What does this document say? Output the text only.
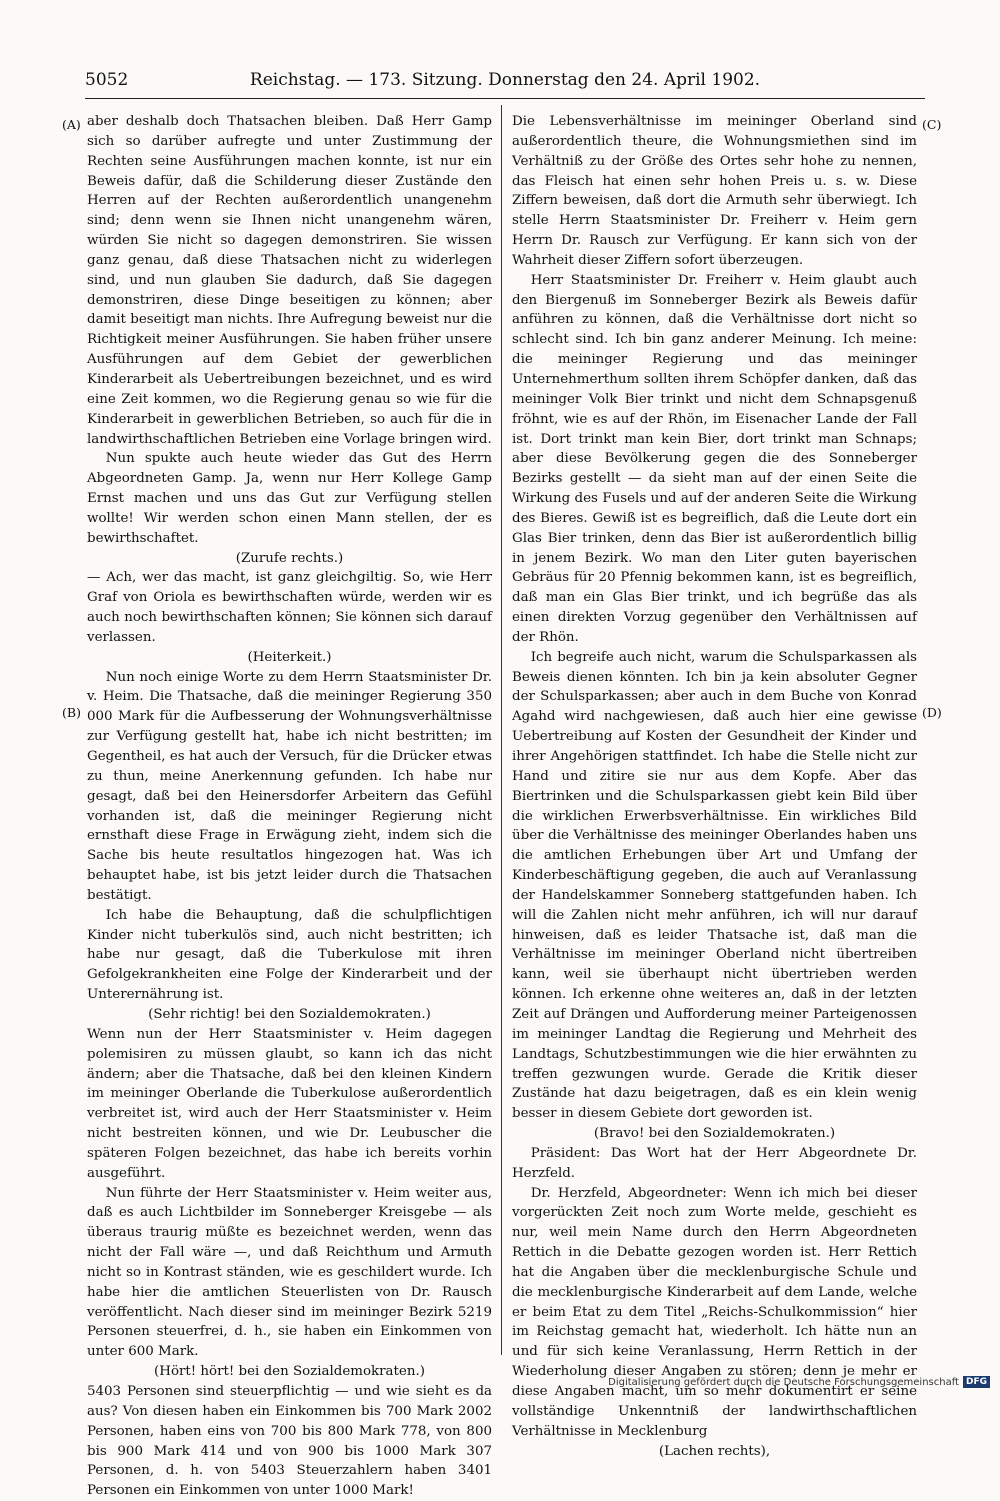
5052	Reichstag. — 173. Sitzung. Donnerstag den 24. April 1902.
(A)
(B)
(C)
(D)

aber deshalb doch Thatsachen bleiben. Daß Herr Gamp sich so darüber aufregte und unter Zustimmung der Rechten seine Ausführungen machen konnte, ist nur ein Beweis dafür, daß die Schilderung dieser Zustände den Herren auf der Rechten außerordentlich unangenehm sind; denn wenn sie Ihnen nicht unangenehm wären, würden Sie nicht so dagegen demonstriren. Sie wissen ganz genau, daß diese Thatsachen nicht zu widerlegen sind, und nun glauben Sie dadurch, daß Sie dagegen demonstriren, diese Dinge beseitigen zu können; aber damit beseitigt man nichts. Ihre Aufregung beweist nur die Richtigkeit meiner Ausführungen. Sie haben früher unsere Ausführungen auf dem Gebiet der gewerblichen Kinderarbeit als Uebertreibungen bezeichnet, und es wird eine Zeit kommen, wo die Regierung genau so wie für die Kinderarbeit in gewerblichen Betrieben, so auch für die in landwirthschaftlichen Betrieben eine Vorlage bringen wird.

Nun spukte auch heute wieder das Gut des Herrn Abgeordneten Gamp. Ja, wenn nur Herr Kollege Gamp Ernst machen und uns das Gut zur Verfügung stellen wollte! Wir werden schon einen Mann stellen, der es bewirthschaftet.

(Zurufe rechts.)

— Ach, wer das macht, ist ganz gleichgiltig. So, wie Herr Graf von Oriola es bewirthschaften würde, werden wir es auch noch bewirthschaften können; Sie können sich darauf verlassen.

(Heiterkeit.)

Nun noch einige Worte zu dem Herrn Staatsminister Dr. v. Heim. Die Thatsache, daß die meininger Regierung 350 000 Mark für die Aufbesserung der Wohnungsverhältnisse zur Verfügung gestellt hat, habe ich nicht bestritten; im Gegentheil, es hat auch der Versuch, für die Drücker etwas zu thun, meine Anerkennung gefunden. Ich habe nur gesagt, daß bei den Heinersdorfer Arbeitern das Gefühl vorhanden ist, daß die meininger Regierung nicht ernsthaft diese Frage in Erwägung zieht, indem sich die Sache bis heute resultatlos hingezogen hat. Was ich behauptet habe, ist bis jetzt leider durch die Thatsachen bestätigt.

Ich habe die Behauptung, daß die schulpflichtigen Kinder nicht tuberkulös sind, auch nicht bestritten; ich habe nur gesagt, daß die Tuberkulose mit ihren Gefolgekrankheiten eine Folge der Kinderarbeit und der Unterernährung ist.

(Sehr richtig! bei den Sozialdemokraten.)

Wenn nun der Herr Staatsminister v. Heim dagegen polemisiren zu müssen glaubt, so kann ich das nicht ändern; aber die Thatsache, daß bei den kleinen Kindern im meininger Oberlande die Tuberkulose außerordentlich verbreitet ist, wird auch der Herr Staatsminister v. Heim nicht bestreiten können, und wie Dr. Leubuscher die späteren Folgen bezeichnet, das habe ich bereits vorhin ausgeführt.

Nun führte der Herr Staatsminister v. Heim weiter aus, daß es auch Lichtbilder im Sonneberger Kreisgebe — als überaus traurig müßte es bezeichnet werden, wenn das nicht der Fall wäre —, und daß Reichthum und Armuth nicht so in Kontrast ständen, wie es geschildert wurde. Ich habe hier die amtlichen Steuerlisten von Dr. Rausch veröffentlicht. Nach dieser sind im meininger Bezirk 5219 Personen steuerfrei, d. h., sie haben ein Einkommen von unter 600 Mark.

(Hört! hört! bei den Sozialdemokraten.)

5403 Personen sind steuerpflichtig — und wie sieht es da aus? Von diesen haben ein Einkommen bis 700 Mark 2002 Personen, haben eins von 700 bis 800 Mark 778, von 800 bis 900 Mark 414 und von 900 bis 1000 Mark 307 Personen, d. h. von 5403 Steuerzahlern haben 3401 Personen ein Einkommen von unter 1000 Mark!

Die Lebensverhältnisse im meininger Oberland sind außerordentlich theure, die Wohnungsmiethen sind im Verhältniß zu der Größe des Ortes sehr hohe zu nennen, das Fleisch hat einen sehr hohen Preis u. s. w. Diese Ziffern beweisen, daß dort die Armuth sehr überwiegt. Ich stelle Herrn Staatsminister Dr. Freiherr v. Heim gern Herrn Dr. Rausch zur Verfügung. Er kann sich von der Wahrheit dieser Ziffern sofort überzeugen.

Herr Staatsminister Dr. Freiherr v. Heim glaubt auch den Biergenuß im Sonneberger Bezirk als Beweis dafür anführen zu können, daß die Verhältnisse dort nicht so schlecht sind. Ich bin ganz anderer Meinung. Ich meine: die meininger Regierung und das meininger Unternehmerthum sollten ihrem Schöpfer danken, daß das meininger Volk Bier trinkt und nicht dem Schnapsgenuß fröhnt, wie es auf der Rhön, im Eisenacher Lande der Fall ist. Dort trinkt man kein Bier, dort trinkt man Schnaps; aber diese Bevölkerung gegen die des Sonneberger Bezirks gestellt — da sieht man auf der einen Seite die Wirkung des Fusels und auf der anderen Seite die Wirkung des Bieres. Gewiß ist es begreiflich, daß die Leute dort ein Glas Bier trinken, denn das Bier ist außerordentlich billig in jenem Bezirk. Wo man den Liter guten bayerischen Gebräus für 20 Pfennig bekommen kann, ist es begreiflich, daß man ein Glas Bier trinkt, und ich begrüße das als einen direkten Vorzug gegenüber den Verhältnissen auf der Rhön.

Ich begreife auch nicht, warum die Schulsparkassen als Beweis dienen könnten. Ich bin ja kein absoluter Gegner der Schulsparkassen; aber auch in dem Buche von Konrad Agahd wird nachgewiesen, daß auch hier eine gewisse Uebertreibung auf Kosten der Gesundheit der Kinder und ihrer Angehörigen stattfindet. Ich habe die Stelle nicht zur Hand und zitire sie nur aus dem Kopfe. Aber das Biertrinken und die Schulsparkassen giebt kein Bild über die wirklichen Erwerbsverhältnisse. Ein wirkliches Bild über die Verhältnisse des meininger Oberlandes haben uns die amtlichen Erhebungen über Art und Umfang der Kinderbeschäftigung gegeben, die auch auf Veranlassung der Handelskammer Sonneberg stattgefunden haben. Ich will die Zahlen nicht mehr anführen, ich will nur darauf hinweisen, daß es leider Thatsache ist, daß man die Verhältnisse im meininger Oberland nicht übertreiben kann, weil sie überhaupt nicht übertrieben werden können. Ich erkenne ohne weiteres an, daß in der letzten Zeit auf Drängen und Aufforderung meiner Parteigenossen im meininger Landtag die Regierung und Mehrheit des Landtags, Schutzbestimmungen wie die hier erwähnten zu treffen gezwungen wurde. Gerade die Kritik dieser Zustände hat dazu beigetragen, daß es ein klein wenig besser in diesem Gebiete dort geworden ist.

(Bravo! bei den Sozialdemokraten.)

Präsident: Das Wort hat der Herr Abgeordnete Dr. Herzfeld.

Dr. Herzfeld, Abgeordneter: Wenn ich mich bei dieser vorgerückten Zeit noch zum Worte melde, geschieht es nur, weil mein Name durch den Herrn Abgeordneten Rettich in die Debatte gezogen worden ist. Herr Rettich hat die Angaben über die mecklenburgische Schule und die mecklenburgische Kinderarbeit auf dem Lande, welche er beim Etat zu dem Titel „Reichs-Schulkommission“ hier im Reichstag gemacht hat, wiederholt. Ich hätte nun an und für sich keine Veranlassung, Herrn Rettich in der Wiederholung dieser Angaben zu stören; denn je mehr er diese Angaben macht, um so mehr dokumentirt er seine vollständige Unkenntniß der landwirthschaftlichen Verhältnisse in Mecklenburg

(Lachen rechts),

Digitalisierung gefördert durch die Deutsche Forschungsgemeinschaft DFG
